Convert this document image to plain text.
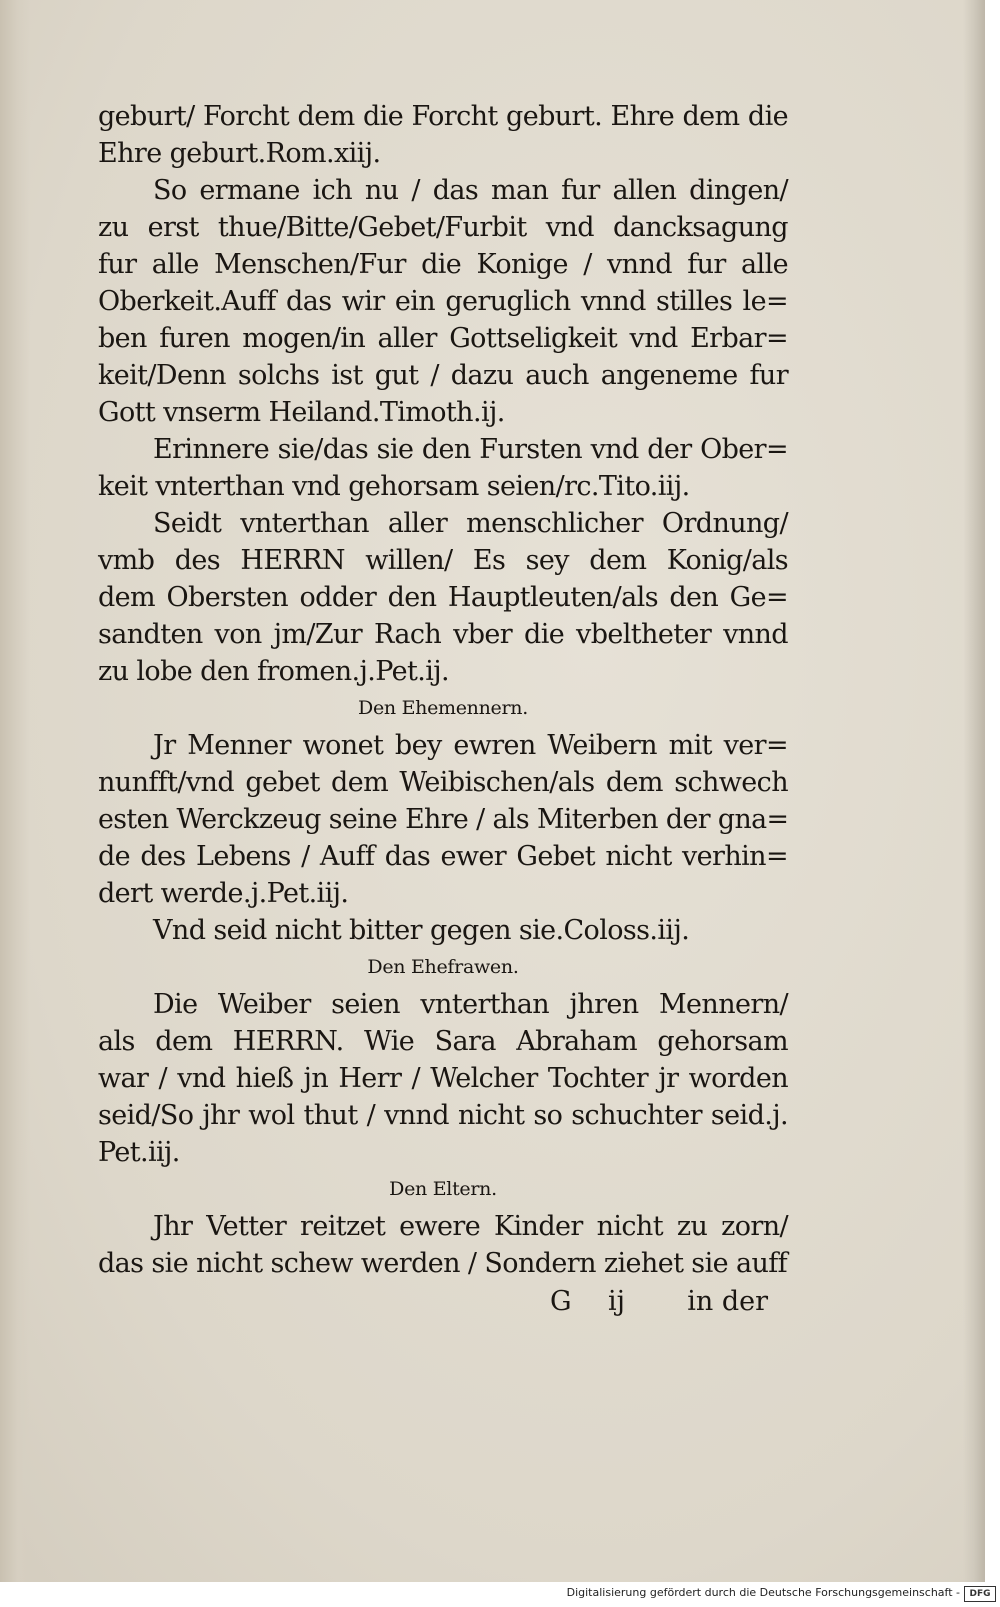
geburt/ Forcht dem die Forcht geburt. Ehre dem die
Ehre geburt.Rom.xiij.
So ermane ich nu / das man fur allen dingen/
zu erst thue/Bitte/Gebet/Furbit vnd dancksagung
fur alle Menschen/Fur die Konige / vnnd fur alle
Oberkeit.Auff das wir ein geruglich vnnd stilles le=
ben furen mogen/in aller Gottseligkeit vnd Erbar=
keit/Denn solchs ist gut / dazu auch angeneme fur
Gott vnserm Heiland.Timoth.ij.
Erinnere sie/das sie den Fursten vnd der Ober=
keit vnterthan vnd gehorsam seien/rc.Tito.iij.
Seidt vnterthan aller menschlicher Ordnung/
vmb des HERRN willen/ Es sey dem Konig/als
dem Obersten odder den Hauptleuten/als den Ge=
sandten von jm/Zur Rach vber die vbeltheter vnnd
zu lobe den fromen.j.Pet.ij.
Den Ehemennern.
Jr Menner wonet bey ewren Weibern mit ver=
nunfft/vnd gebet dem Weibischen/als dem schwech
esten Werckzeug seine Ehre / als Miterben der gna=
de des Lebens / Auff das ewer Gebet nicht verhin=
dert werde.j.Pet.iij.
Vnd seid nicht bitter gegen sie.Coloss.iij.
Den Ehefrawen.
Die Weiber seien vnterthan jhren Mennern/
als dem HERRN. Wie Sara Abraham gehorsam
war / vnd hieß jn Herr / Welcher Tochter jr worden
seid/So jhr wol thut / vnnd nicht so schuchter seid.j.
Pet.iij.
Den Eltern.
Jhr Vetter reitzet ewere Kinder nicht zu zorn/
das sie nicht schew werden / Sondern ziehet sie auff
G ij in der
Digitalisierung gefördert durch die Deutsche Forschungsgemeinschaft -	DFG
